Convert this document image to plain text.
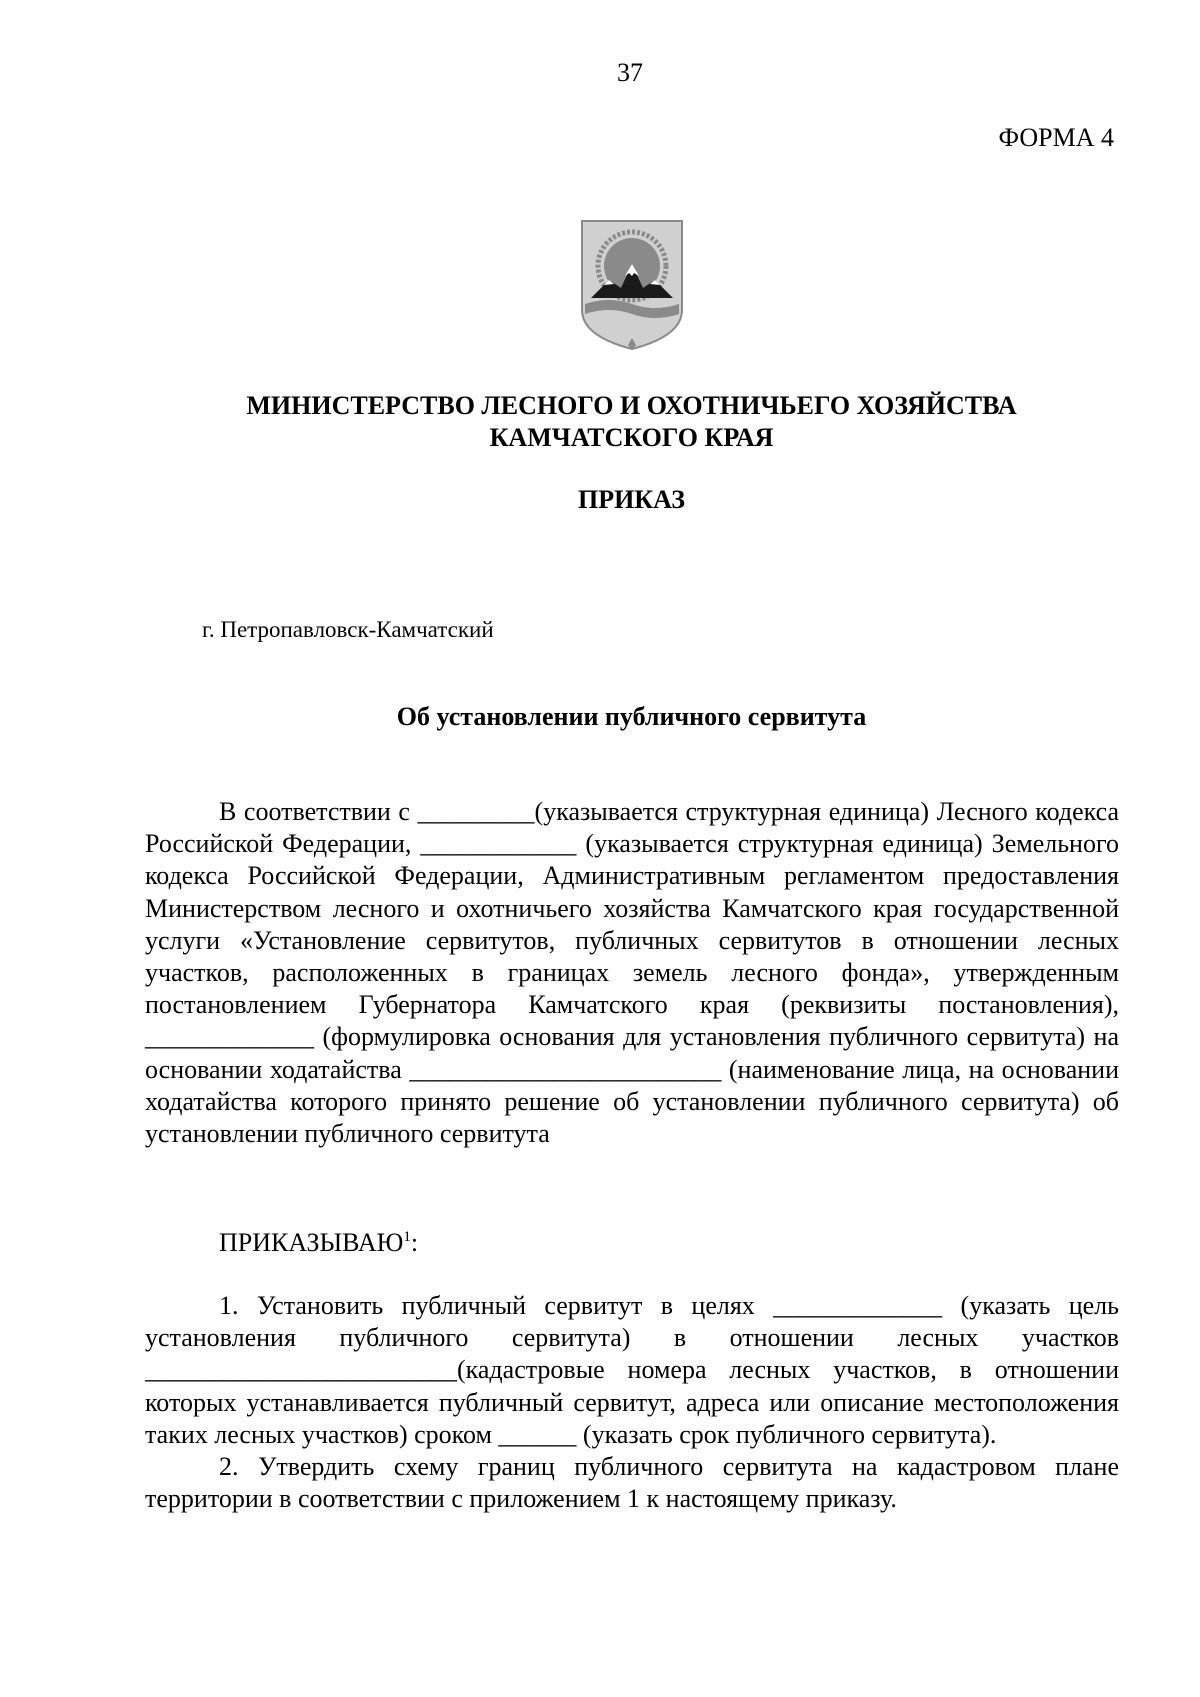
37
ФОРМА 4
МИНИСТЕРСТВО ЛЕСНОГО И ОХОТНИЧЬЕГО ХОЗЯЙСТВА
КАМЧАТСКОГО КРАЯ
ПРИКАЗ
г. Петропавловск-Камчатский
Об установлении публичного сервитута

В соответствии с _________(указывается структурная единица) Лесного кодекса Российской Федерации, ____________ (указывается структурная единица) Земельного кодекса Российской Федерации, Административным регламентом предоставления Министерством лесного и охотничьего хозяйства Камчатского края государственной услуги «Установление сервитутов, публичных сервитутов в отношении лесных участков, расположенных в границах земель лесного фонда», утвержденным постановлением Губернатора Камчатского края (реквизиты постановления), _____________ (формулировка основания для установления публичного сервитута) на основании ходатайства ________________________ (наименование лица, на основании ходатайства которого принято решение об установлении публичного сервитута) об установлении публичного сервитута

ПРИКАЗЫВАЮ$^1$:

1. Установить публичный сервитут в целях _____________ (указать цель установления публичного сервитута) в отношении лесных участков ________________________(кадастровые номера лесных участков, в отношении которых устанавливается публичный сервитут, адреса или описание местоположения таких лесных участков) сроком ______ (указать срок публичного сервитута).

2. Утвердить схему границ публичного сервитута на кадастровом плане территории в соответствии с приложением 1 к настоящему приказу.
